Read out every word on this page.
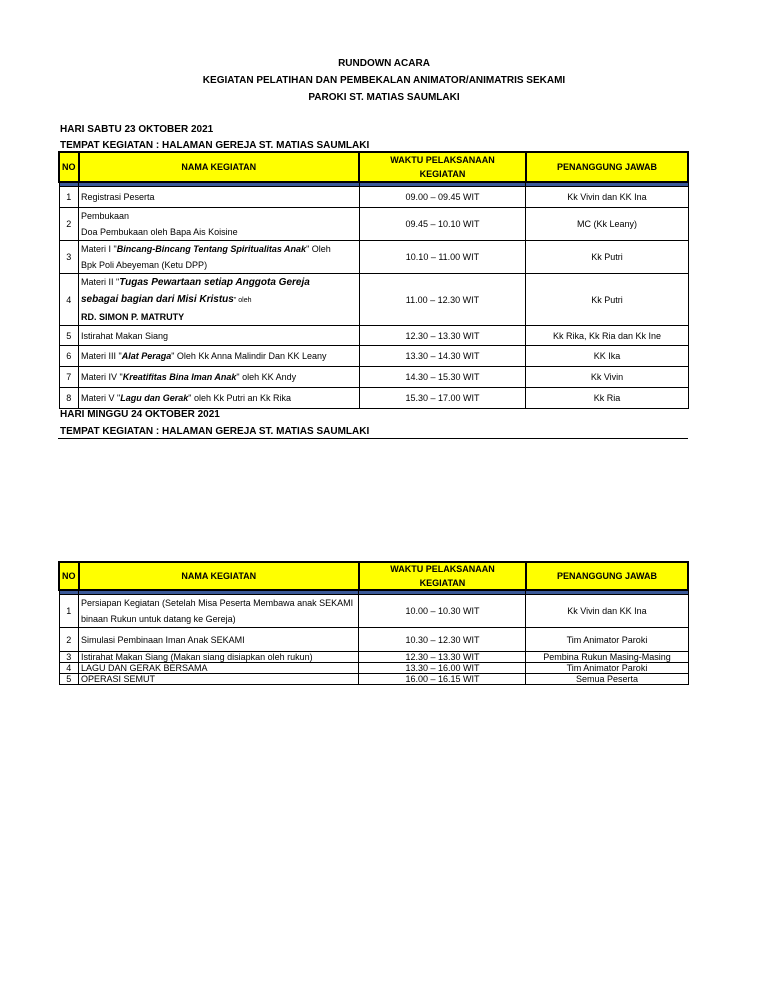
RUNDOWN ACARA
KEGIATAN PELATIHAN DAN PEMBEKALAN ANIMATOR/ANIMATRIS SEKAMI
PAROKI ST. MATIAS SAUMLAKI
HARI SABTU 23 OKTOBER 2021
TEMPAT KEGIATAN : HALAMAN GEREJA ST. MATIAS SAUMLAKI
NO	NAMA KEGIATAN	WAKTU PELAKSANAAN
KEGIATAN	PENANGGUNG JAWAB

1	Registrasi Peserta	09.00 – 09.45 WIT	Kk Vivin dan KK Ina
2	Pembukaan
Doa Pembukaan oleh Bapa Ais Koisine	09.45 – 10.10 WIT	MC (Kk Leany)
3	Materi I "Bincang-Bincang Tentang Spiritualitas Anak" Oleh
Bpk Poli Abeyeman (Ketu DPP)	10.10 – 11.00 WIT	Kk Putri
4	Materi II "Tugas Pewartaan setiap Anggota Gereja
sebagai bagian dari Misi Kristus" oleh
RD. SIMON P. MATRUTY	11.00 – 12.30 WIT	Kk Putri
5	Istirahat Makan Siang	12.30 – 13.30 WIT	Kk Rika, Kk Ria dan Kk Ine
6	Materi III "Alat Peraga" Oleh Kk Anna Malindir Dan KK Leany	13.30 – 14.30 WIT	KK Ika
7	Materi IV "Kreatifitas Bina Iman Anak" oleh KK Andy	14.30 – 15.30 WIT	Kk Vivin
8	Materi V "Lagu dan Gerak" oleh Kk Putri an Kk Rika	15.30 – 17.00 WIT	Kk Ria
HARI MINGGU 24 OKTOBER 2021
TEMPAT KEGIATAN : HALAMAN GEREJA ST. MATIAS SAUMLAKI
NO	NAMA KEGIATAN	WAKTU PELAKSANAAN
KEGIATAN	PENANGGUNG JAWAB

1	Persiapan Kegiatan (Setelah Misa Peserta Membawa anak SEKAMI
binaan Rukun untuk datang ke Gereja)	10.00 – 10.30 WIT	Kk Vivin dan KK Ina
2	Simulasi Pembinaan Iman Anak SEKAMI	10.30 – 12.30 WIT	Tim Animator Paroki
3	Istirahat Makan Siang (Makan siang disiapkan oleh rukun)	12.30 – 13.30 WIT	Pembina Rukun Masing-Masing
4	LAGU DAN GERAK BERSAMA	13.30 – 16.00 WIT	Tim Animator Paroki
5	OPERASI SEMUT	16.00 – 16.15 WIT	Semua Peserta
